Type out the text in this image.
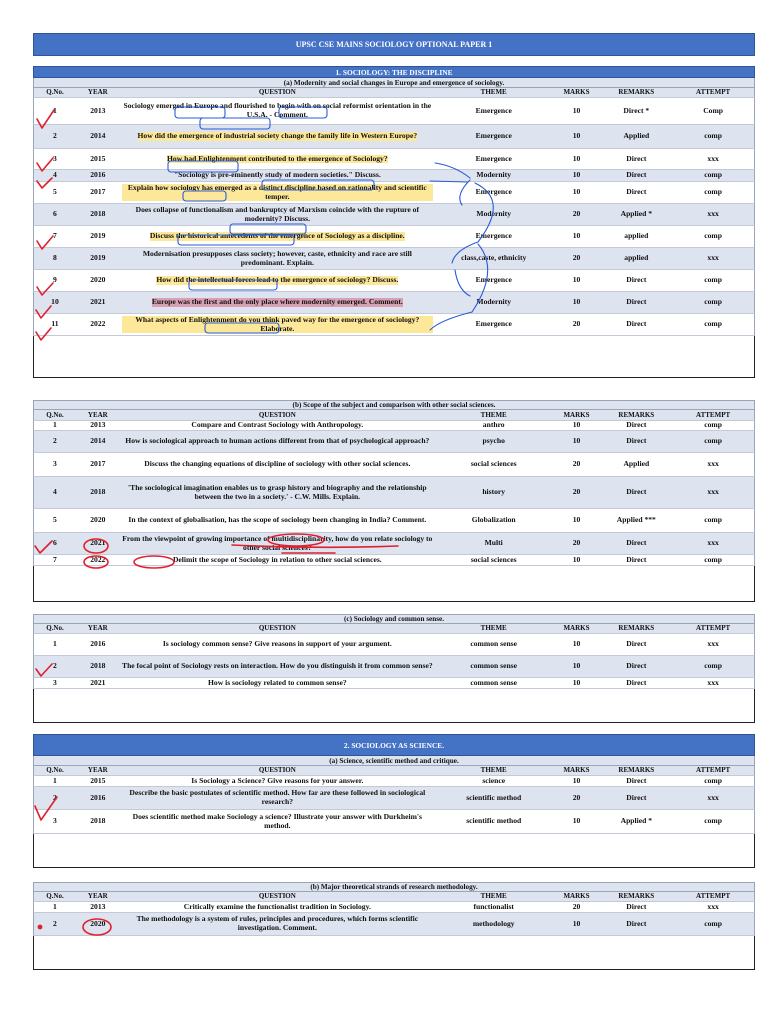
UPSC CSE MAINS SOCIOLOGY OPTIONAL PAPER 1
1. SOCIOLOGY: THE DISCIPLINE
(a) Modernity and social changes in Europe and emergence of sociology.
Q.No.	YEAR	QUESTION	THEME	MARKS	REMARKS	ATTEMPT
1	2013	Sociology emerged in Europe and flourished to begin with on social reformist orientation in the U.S.A. - Comment.	Emergence	10	Direct *	Comp
2	2014	How did the emergence of industrial society change the family life in Western Europe?	Emergence	10	Applied	comp
3	2015	How had Enlightenment contributed to the emergence of Sociology?	Emergence	10	Direct	xxx
4	2016	"Sociology is pre-eminently study of modern societies." Discuss.	Modernity	10	Direct	comp
5	2017	Explain how sociology has emerged as a distinct discipline based on rationality and scientific temper.	Emergence	10	Direct	comp
6	2018	Does collapse of functionalism and bankruptcy of Marxism coincide with the rupture of modernity? Discuss.	Modernity	20	Applied *	xxx
7	2019	Discuss the historical antecedents of the emergence of Sociology as a discipline.	Emergence	10	applied	comp
8	2019	Modernisation presupposes class society; however, caste, ethnicity and race are still predominant. Explain.	class,caste, ethnicity	20	applied	xxx
9	2020	How did the intellectual forces lead to the emergence of sociology? Discuss.	Emergence	10	Direct	comp
10	2021	Europe was the first and the only place where modernity emerged. Comment.	Modernity	10	Direct	comp
11	2022	What aspects of Enlightenment do you think paved way for the emergence of sociology? Elaborate.	Emergence	20	Direct	comp
(b) Scope of the subject and comparison with other social sciences.
Q.No.	YEAR	QUESTION	THEME	MARKS	REMARKS	ATTEMPT
1	2013	Compare and Contrast Sociology with Anthropology.	anthro	10	Direct	comp
2	2014	How is sociological approach to human actions different from that of psychological approach?	psycho	10	Direct	comp
3	2017	Discuss the changing equations of discipline of sociology with other social sciences.	social sciences	20	Applied	xxx
4	2018	'The sociological imagination enables us to grasp history and biography and the relationship between the two in a society.' - C.W. Mills. Explain.	history	20	Direct	xxx
5	2020	In the context of globalisation, has the scope of sociology been changing in India? Comment.	Globalization	10	Applied ***	comp
6	2021	From the viewpoint of growing importance of multidisciplinarity, how do you relate sociology to other social sciences?	Multi	20	Direct	xxx
7	2022	Delimit the scope of Sociology in relation to other social sciences.	social sciences	10	Direct	comp
(c) Sociology and common sense.
Q.No.	YEAR	QUESTION	THEME	MARKS	REMARKS	ATTEMPT
1	2016	Is sociology common sense? Give reasons in support of your argument.	common sense	10	Direct	xxx
2	2018	The focal point of Sociology rests on interaction. How do you distinguish it from common sense?	common sense	10	Direct	comp
3	2021	How is sociology related to common sense?	common sense	10	Direct	xxx
2. SOCIOLOGY AS SCIENCE.
(a) Science, scientific method and critique.
Q.No.	YEAR	QUESTION	THEME	MARKS	REMARKS	ATTEMPT
1	2015	Is Sociology a Science? Give reasons for your answer.	science	10	Direct	comp
2	2016	Describe the basic postulates of scientific method. How far are these followed in sociological research?	scientific method	20	Direct	xxx
3	2018	Does scientific method make Sociology a science? Illustrate your answer with Durkheim's method.	scientific method	10	Applied *	comp
(b) Major theoretical strands of research methodology.
Q.No.	YEAR	QUESTION	THEME	MARKS	REMARKS	ATTEMPT
1	2013	Critically examine the functionalist tradition in Sociology.	functionalist	20	Direct	xxx
2	2020	The methodology is a system of rules, principles and procedures, which forms scientific investigation. Comment.	methodology	10	Direct	comp
